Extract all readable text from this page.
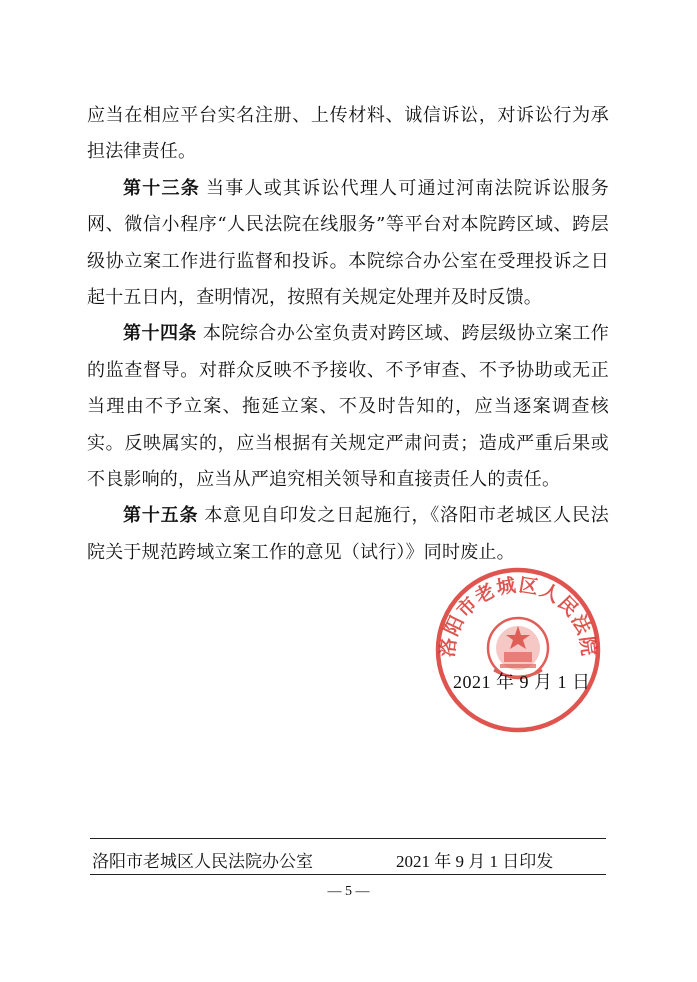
应当在相应平台实名注册、上传材料、诚信诉讼，对诉讼行为承担法律责任。

第十三条 当事人或其诉讼代理人可通过河南法院诉讼服务网、微信小程序“人民法院在线服务”等平台对本院跨区域、跨层级协立案工作进行监督和投诉。本院综合办公室在受理投诉之日起十五日内，查明情况，按照有关规定处理并及时反馈。

第十四条 本院综合办公室负责对跨区域、跨层级协立案工作的监查督导。对群众反映不予接收、不予审查、不予协助或无正当理由不予立案、拖延立案、不及时告知的，应当逐案调查核实。反映属实的，应当根据有关规定严肃问责；造成严重后果或不良影响的，应当从严追究相关领导和直接责任人的责任。

第十五条 本意见自印发之日起施行，《洛阳市老城区人民法院关于规范跨域立案工作的意见（试行）》同时废止。

洛阳市老城区人民法院
2021 年 9 月 1 日
洛阳市老城区人民法院办公室	2021 年 9 月 1 日印发
— 5 —
